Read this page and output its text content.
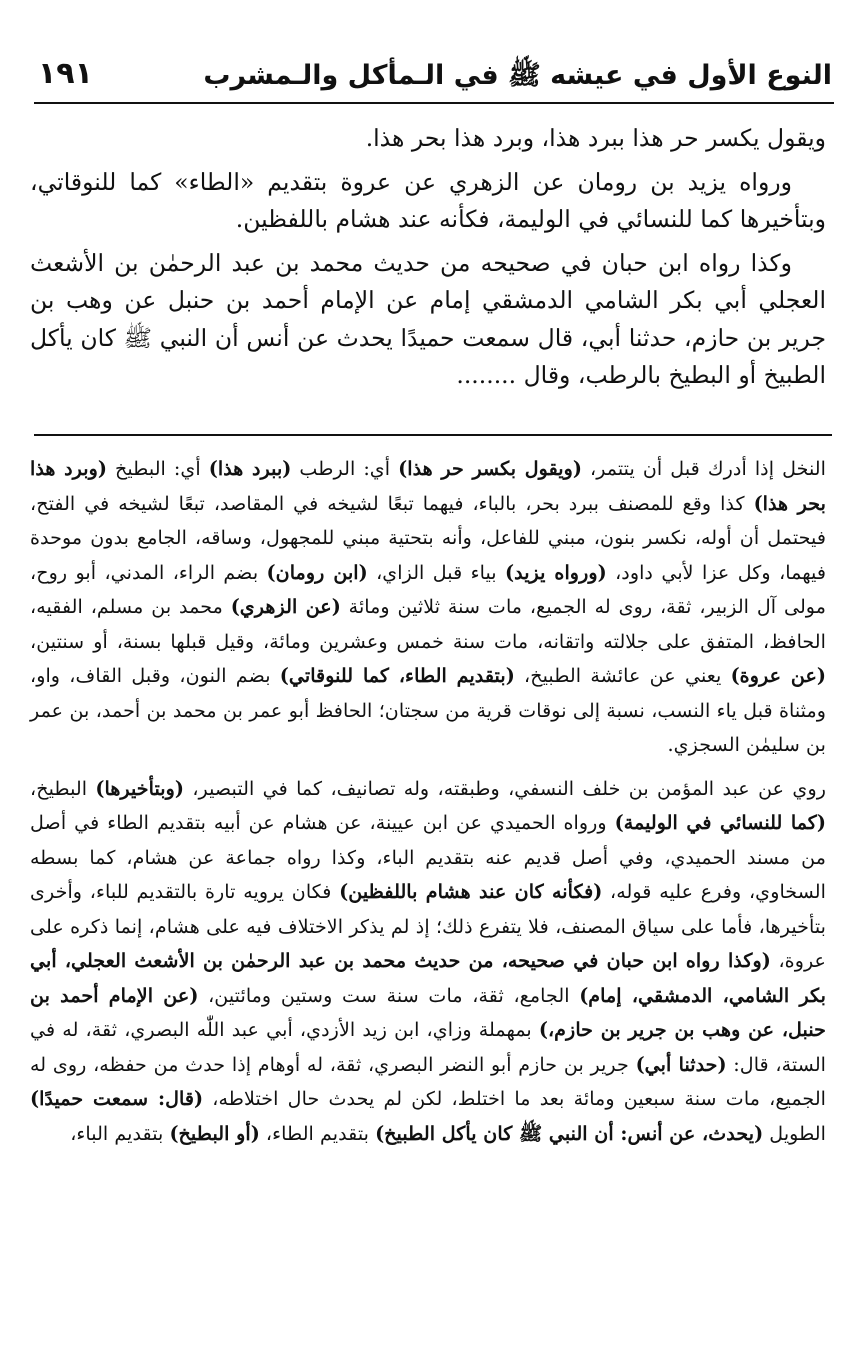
النوع الأول في عيشه ﷺ في الـمأكل والـمشرب
١٩١

ويقول يكسر حر هذا ببرد هذا، وبرد هذا بحر هذا.

ورواه يزيد بن رومان عن الزهري عن عروة بتقديم «الطاء» كما للنوقاتي، وبتأخيرها كما للنسائي في الوليمة، فكأنه عند هشام باللفظين.

وكذا رواه ابن حبان في صحيحه من حديث محمد بن عبد الرحمٰن بن الأشعث العجلي أبي بكر الشامي الدمشقي إمام عن الإمام أحمد بن حنبل عن وهب بن جرير بن حازم، حدثنا أبي، قال سمعت حميدًا يحدث عن أنس أن النبي ﷺ كان يأكل الطبيخ أو البطيخ بالرطب، وقال ........

النخل إذا أدرك قبل أن يتتمر، (ويقول بكسر حر هذا) أي: الرطب (ببرد هذا) أي: البطيخ (وبرد هذا بحر هذا) كذا وقع للمصنف ببرد بحر، بالباء، فيهما تبعًا لشيخه في المقاصد، تبعًا لشيخه في الفتح، فيحتمل أن أوله، نكسر بنون، مبني للفاعل، وأنه بتحتية مبني للمجهول، وساقه، الجامع بدون موحدة فيهما، وكل عزا لأبي داود، (ورواه يزيد) بياء قبل الزاي، (ابن رومان) بضم الراء، المدني، أبو روح، مولى آل الزبير، ثقة، روى له الجميع، مات سنة ثلاثين ومائة (عن الزهري) محمد بن مسلم، الفقيه، الحافظ، المتفق على جلالته واتقانه، مات سنة خمس وعشرين ومائة، وقيل قبلها بسنة، أو سنتين، (عن عروة) يعني عن عائشة الطبيخ، (بتقديم الطاء، كما للنوقاتي) بضم النون، وقبل القاف، واو، ومثناة قبل ياء النسب، نسبة إلى نوقات قرية من سجتان؛ الحافظ أبو عمر بن محمد بن أحمد، بن عمر بن سليمٰن السجزي.

روي عن عبد المؤمن بن خلف النسفي، وطبقته، وله تصانيف، كما في التبصير، (وبتأخيرها) البطيخ، (كما للنسائي في الوليمة) ورواه الحميدي عن ابن عيينة، عن هشام عن أبيه بتقديم الطاء في أصل من مسند الحميدي، وفي أصل قديم عنه بتقديم الباء، وكذا رواه جماعة عن هشام، كما بسطه السخاوي، وفرع عليه قوله، (فكأنه كان عند هشام باللفظين) فكان يرويه تارة بالتقديم للباء، وأخرى بتأخيرها، فأما على سياق المصنف، فلا يتفرع ذلك؛ إذ لم يذكر الاختلاف فيه على هشام، إنما ذكره على عروة، (وكذا رواه ابن حبان في صحيحه، من حديث محمد بن عبد الرحمٰن بن الأشعث العجلي، أبي بكر الشامي، الدمشقي، إمام) الجامع، ثقة، مات سنة ست وستين ومائتين، (عن الإمام أحمد بن حنبل، عن وهب بن جرير بن حازم،) بمهملة وزاي، ابن زيد الأزدي، أبي عبد اللّٰه البصري، ثقة، له في الستة، قال: (حدثنا أبي) جرير بن حازم أبو النضر البصري، ثقة، له أوهام إذا حدث من حفظه، روى له الجميع، مات سنة سبعين ومائة بعد ما اختلط، لكن لم يحدث حال اختلاطه، (قال: سمعت حميدًا) الطويل (يحدث، عن أنس: أن النبي ﷺ كان يأكل الطبيخ) بتقديم الطاء، (أو البطيخ) بتقديم الباء،
